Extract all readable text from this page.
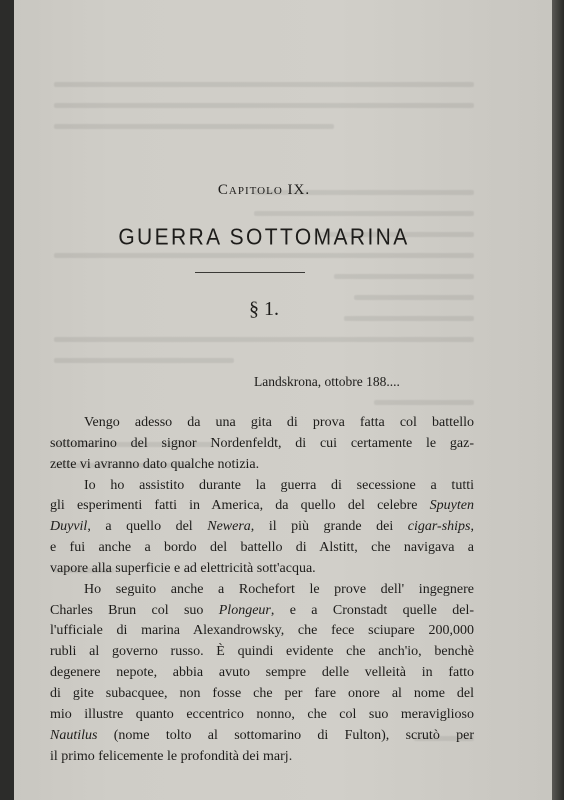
Capitolo IX.
GUERRA SOTTOMARINA
§ 1.
Landskrona, ottobre 188....
Vengo adesso da una gita di prova fatta col battello
sottomarino del signor Nordenfeldt, di cui certamente le gaz-
zette vi avranno dato qualche notizia.
Io ho assistito durante la guerra di secessione a tutti
gli esperimenti fatti in America, da quello del celebre Spuyten
Duyvil, a quello del Newera, il più grande dei cigar-ships,
e fui anche a bordo del battello di Alstitt, che navigava a
vapore alla superficie e ad elettricità sott'acqua.
Ho seguito anche a Rochefort le prove dell' ingegnere
Charles Brun col suo Plongeur, e a Cronstadt quelle del-
l'ufficiale di marina Alexandrowsky, che fece sciupare 200,000
rubli al governo russo. È quindi evidente che anch'io, benchè
degenere nepote, abbia avuto sempre delle velleità in fatto
di gite subacquee, non fosse che per fare onore al nome del
mio illustre quanto eccentrico nonno, che col suo meraviglioso
Nautilus (nome tolto al sottomarino di Fulton), scrutò per
il primo felicemente le profondità dei marj.
